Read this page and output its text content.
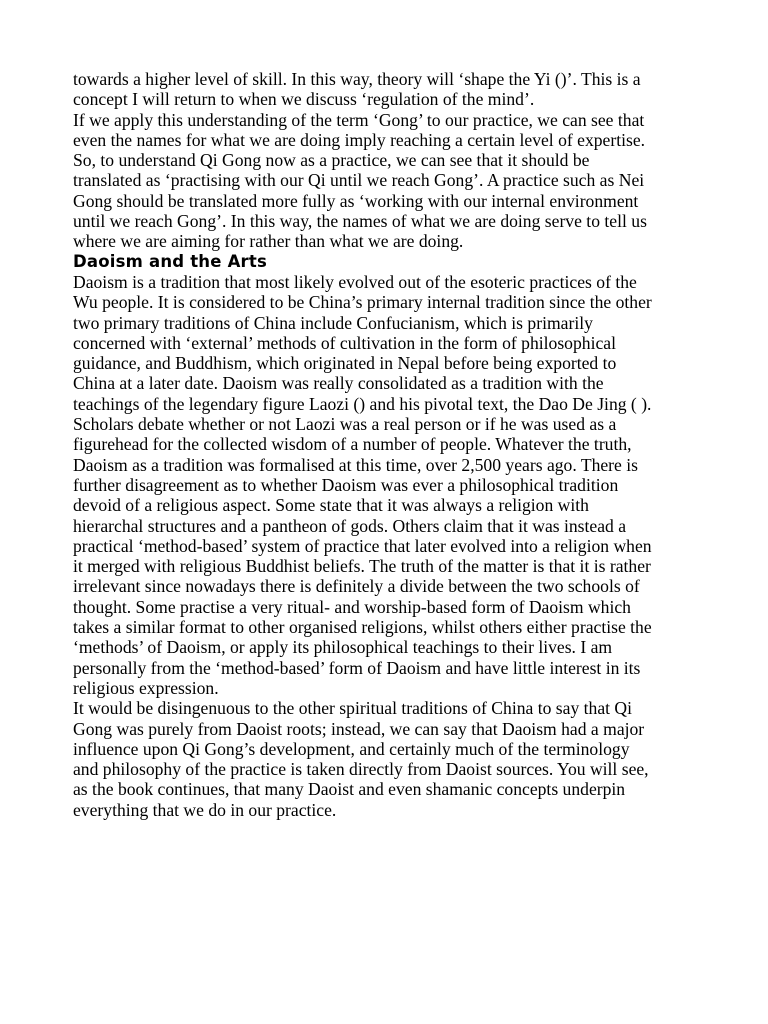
towards a higher level of skill. In this way, theory will ‘shape the Yi ()’. This is a
concept I will return to when we discuss ‘regulation of the mind’.

If we apply this understanding of the term ‘Gong’ to our practice, we can see that
even the names for what we are doing imply reaching a certain level of expertise.
So, to understand Qi Gong now as a practice, we can see that it should be
translated as ‘practising with our Qi until we reach Gong’. A practice such as Nei
Gong should be translated more fully as ‘working with our internal environment
until we reach Gong’. In this way, the names of what we are doing serve to tell us
where we are aiming for rather than what we are doing.

Daoism and the Arts

Daoism is a tradition that most likely evolved out of the esoteric practices of the
Wu people. It is considered to be China’s primary internal tradition since the other
two primary traditions of China include Confucianism, which is primarily
concerned with ‘external’ methods of cultivation in the form of philosophical
guidance, and Buddhism, which originated in Nepal before being exported to
China at a later date. Daoism was really consolidated as a tradition with the
teachings of the legendary figure Laozi () and his pivotal text, the Dao De Jing ( ).
Scholars debate whether or not Laozi was a real person or if he was used as a
figurehead for the collected wisdom of a number of people. Whatever the truth,
Daoism as a tradition was formalised at this time, over 2,500 years ago. There is
further disagreement as to whether Daoism was ever a philosophical tradition
devoid of a religious aspect. Some state that it was always a religion with
hierarchal structures and a pantheon of gods. Others claim that it was instead a
practical ‘method-based’ system of practice that later evolved into a religion when
it merged with religious Buddhist beliefs. The truth of the matter is that it is rather
irrelevant since nowadays there is definitely a divide between the two schools of
thought. Some practise a very ritual- and worship-based form of Daoism which
takes a similar format to other organised religions, whilst others either practise the
‘methods’ of Daoism, or apply its philosophical teachings to their lives. I am
personally from the ‘method-based’ form of Daoism and have little interest in its
religious expression.

It would be disingenuous to the other spiritual traditions of China to say that Qi
Gong was purely from Daoist roots; instead, we can say that Daoism had a major
influence upon Qi Gong’s development, and certainly much of the terminology
and philosophy of the practice is taken directly from Daoist sources. You will see,
as the book continues, that many Daoist and even shamanic concepts underpin
everything that we do in our practice.
